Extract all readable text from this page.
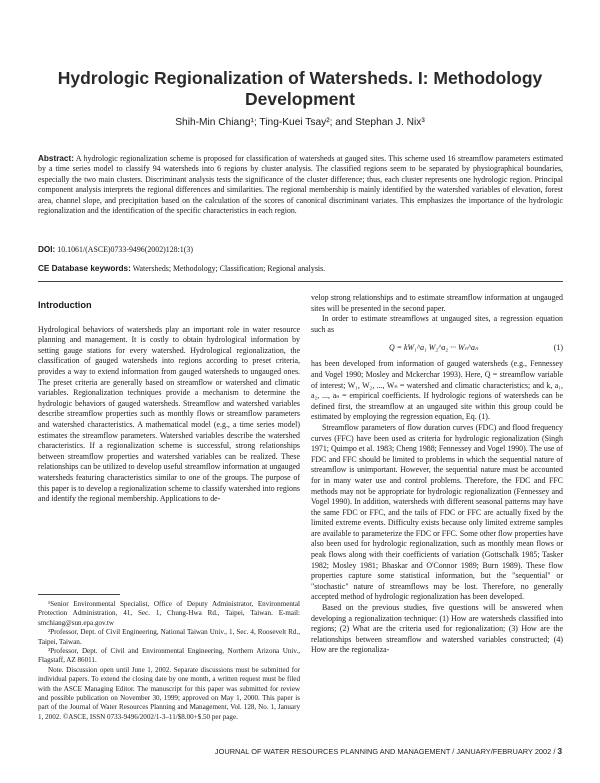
Hydrologic Regionalization of Watersheds. I: Methodology Development
Shih-Min Chiang¹; Ting-Kuei Tsay²; and Stephan J. Nix³
Abstract: A hydrologic regionalization scheme is proposed for classification of watersheds at gauged sites. This scheme used 16 streamflow parameters estimated by a time series model to classify 94 watersheds into 6 regions by cluster analysis. The classified regions seem to be separated by physiographical boundaries, especially the two main clusters. Discriminant analysis tests the significance of the cluster difference; thus, each cluster represents one hydrologic region. Principal component analysis interprets the regional differences and similarities. The regional membership is mainly identified by the watershed variables of elevation, forest area, channel slope, and precipitation based on the calculation of the scores of canonical discriminant variates. This emphasizes the importance of the hydrologic regionalization and the identification of the specific characteristics in each region.
DOI: 10.1061/(ASCE)0733-9496(2002)128:1(3)
CE Database keywords: Watersheds; Methodology; Classification; Regional analysis.
Introduction

Hydrological behaviors of watersheds play an important role in water resource planning and management. It is costly to obtain hydrological information by setting gauge stations for every watershed. Hydrological regionalization, the classification of gauged watersheds into regions according to preset criteria, provides a way to extend information from gauged watersheds to ungauged ones. The preset criteria are generally based on streamflow or watershed and climatic variables. Regionalization techniques provide a mechanism to determine the hydrologic behaviors of gauged watersheds. Streamflow and watershed variables describe streamflow properties such as monthly flows or streamflow parameters and watershed characteristics. A mathematical model (e.g., a time series model) estimates the streamflow parameters. Watershed variables describe the watershed characteristics. If a regionalization scheme is successful, strong relationships between streamflow properties and watershed variables can be realized. These relationships can be utilized to develop useful streamflow information at ungauged watersheds featuring characteristics similar to one of the groups. The purpose of this paper is to develop a regionalization scheme to classify watershed into regions and identify the regional membership. Applications to de-

¹Senior Environmental Specialist, Office of Deputy Administrator, Environmental Protection Administration, 41, Sec. 1, Chung-Hwa Rd., Taipei, Taiwan. E-mail: smchiang@sun.epa.gov.tw

²Professor, Dept. of Civil Engineering, National Taiwan Univ., 1, Sec. 4, Roosevelt Rd., Taipei, Taiwan.

³Professor, Dept. of Civil and Environmental Engineering, Northern Arizona Univ., Flagstaff, AZ 86011.

Note. Discussion open until June 1, 2002. Separate discussions must be submitted for individual papers. To extend the closing date by one month, a written request must be filed with the ASCE Managing Editor. The manuscript for this paper was submitted for review and possible publication on November 30, 1999; approved on May 1, 2000. This paper is part of the Journal of Water Resources Planning and Management, Vol. 128, No. 1, January 1, 2002. ©ASCE, ISSN 0733-9496/2002/1-3–11/$8.00+$.50 per page.

velop strong relationships and to estimate streamflow information at ungauged sites will be presented in the second paper.

In order to estimate streamflows at ungauged sites, a regression equation such as

Q = kW₁^a₁ W₂^a₂ ··· Wₙ^aₙ	(1)

has been developed from information of gauged watersheds (e.g., Fennessey and Vogel 1990; Mosley and Mckerchar 1993). Here, Q = streamflow variable of interest; W₁, W₂, ..., Wₙ = watershed and climatic characteristics; and k, a₁, a₂, ..., aₙ = empirical coefficients. If hydrologic regions of watersheds can be defined first, the streamflow at an ungauged site within this group could be estimated by employing the regression equation, Eq. (1).

Streamflow parameters of flow duration curves (FDC) and flood frequency curves (FFC) have been used as criteria for hydrologic regionalization (Singh 1971; Quimpo et al. 1983; Cheng 1988; Fennessey and Vogel 1990). The use of FDC and FFC should be limited to problems in which the sequential nature of streamflow is unimportant. However, the sequential nature must be accounted for in many water use and control problems. Therefore, the FDC and FFC methods may not be appropriate for hydrologic regionalization (Fennessey and Vogel 1990). In addition, watersheds with different seasonal patterns may have the same FDC or FFC, and the tails of FDC or FFC are actually fixed by the limited extreme events. Difficulty exists because only limited extreme samples are available to parameterize the FDC or FFC. Some other flow properties have also been used for hydrologic regionalization, such as monthly mean flows or peak flows along with their coefficients of variation (Gottschalk 1985; Tasker 1982; Mosley 1981; Bhaskar and O'Connor 1989; Burn 1989). These flow properties capture some statistical information, but the "sequential" or "stochastic" nature of streamflows may be lost. Therefore, no generally accepted method of hydrologic regionalization has been developed.

Based on the previous studies, five questions will be answered when developing a regionalization technique: (1) How are watersheds classified into regions; (2) What are the criteria used for regionalization; (3) How are the relationships between streamflow and watershed variables constructed; (4) How are the regionaliza-

JOURNAL OF WATER RESOURCES PLANNING AND MANAGEMENT / JANUARY/FEBRUARY 2002 / 3
